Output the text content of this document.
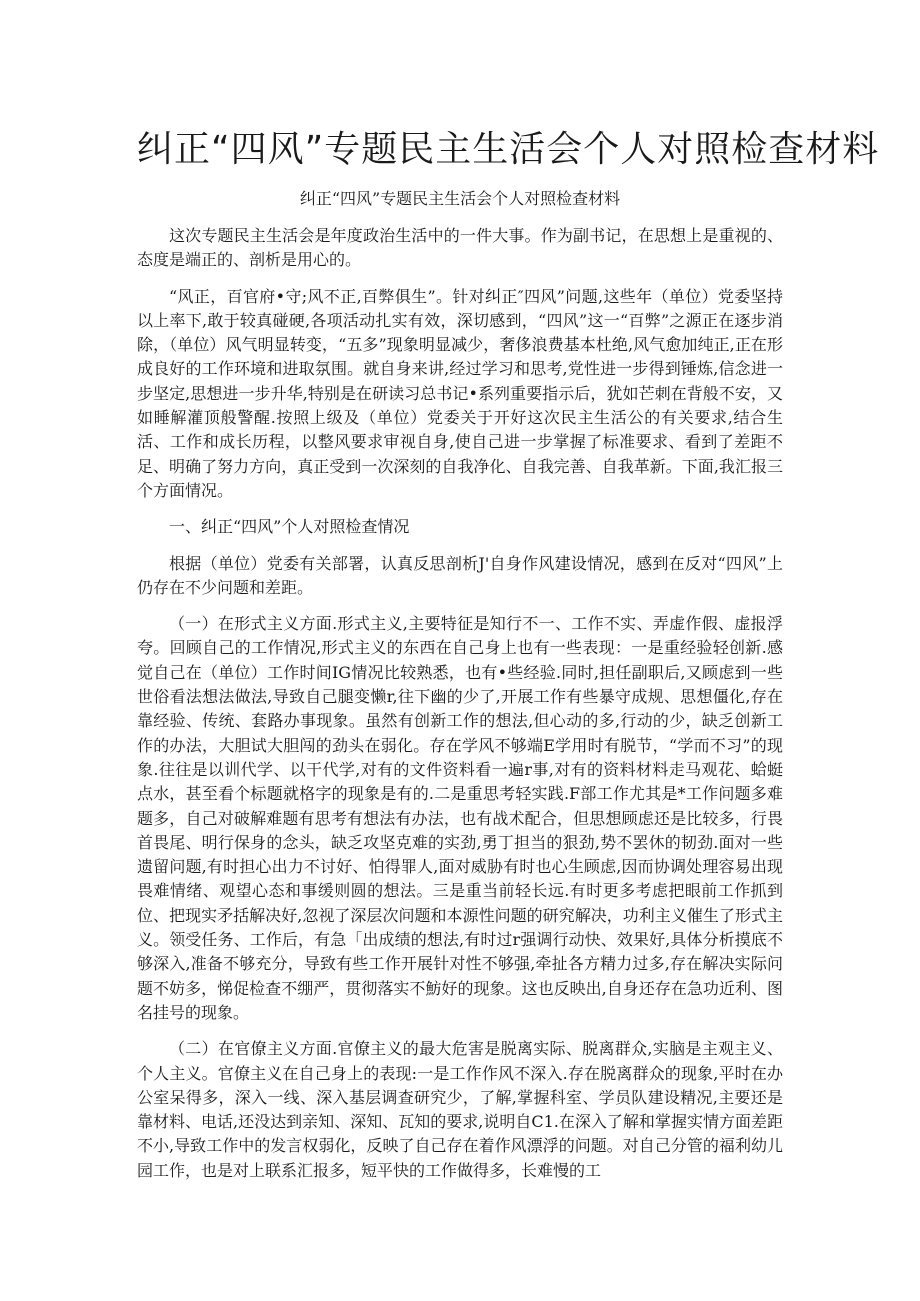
纠正“四风”专题民主生活会个人对照检查材料
纠正“四风”专题民主生活会个人对照检查材料

这次专题民主生活会是年度政治生活中的一件大事。作为副书记，在思想上是重视的、态度是端正的、剖析是用心的。

“风正，百官府•守;风不正,百弊俱生”。针对纠正″四风”问题,这些年（单位）党委坚持以上率下,敢于较真碰硬,各项活动扎实有效，深切感到，“四风”这一“百弊”之源正在逐步消除，（单位）风气明显转变，“五多”现象明显减少，奢侈浪费基本杜绝,风气愈加纯正,正在形成良好的工作环境和进取氛围。就自身来讲,经过学习和思考,党性进一步得到锤炼,信念进一步坚定,思想进一步升华,特别是在研读习总书记•系列重要指示后，犹如芒刺在背般不安，又如睡解灌顶般警醒.按照上级及（单位）党委关于开好这次民主生活公的有关要求,结合生活、工作和成长历程，以整风要求审视自身,使自己进一步掌握了标准要求、看到了差距不足、明确了努力方向，真正受到一次深刻的自我净化、自我完善、自我革新。下面,我汇报三个方面情况。

一、纠正“四风”个人对照检查情况

根据（单位）党委有关部署，认真反思剖析J'自身作风建设情况，感到在反对“四风”上仍存在不少问题和差距。

（一）在形式主义方面.形式主义,主要特征是知行不一、工作不实、弄虚作假、虚报浮夸。回顾自己的工作情况,形式主义的东西在自己身上也有一些表现：一是重经验轻创新.感觉自己在（单位）工作时间IG情况比较熟悉，也有•些经验.同时,担任副职后,又顾虑到一些世俗看法想法做法,导致自己腿变懒r,往下幽的少了,开展工作有些暴守成规、思想僵化,存在靠经验、传统、套路办事现象。虽然有创新工作的想法,但心动的多,行动的少，缺乏创新工作的办法，大胆试大胆闯的劲头在弱化。存在学风不够端E学用时有脱节，“学而不习”的现象.往往是以训代学、以干代学,对有的文件资料看一遍r事,对有的资料材料走马观花、蛤蜓点水，甚至看个标题就格字的现象是有的.二是重思考轻实践.F部工作尤其是*工作问题多难题多，自己对破解难题有思考有想法有办法，也有战术配合，但思想顾虑还是比较多，行畏首畏尾、明行保身的念头，缺乏攻坚克难的实劲,勇丁担当的狠劲,势不罢休的韧劲.面对一些遗留问题,有时担心出力不讨好、怕得罪人,面对威胁有时也心生顾虑,因而协调处理容易出现畏难情绪、观望心态和事缓则圆的想法。三是重当前轻长远.有时更多考虑把眼前工作抓到位、把现实矛括解决好,忽视了深层次问题和本源性问题的研究解决，功利主义催生了形式主义。领受任务、工作后，有急「出成绩的想法,有时过r强调行动快、效果好,具体分析摸底不够深入,准备不够充分，导致有些工作开展针对性不够强,牵扯各方精力过多,存在解决实际问题不妨多，悌促检查不绷严，贯彻落实不魴好的现象。这也反映出,自身还存在急功近利、图名挂号的现象。

（二）在官僚主义方面.官僚主义的最大危害是脱离实际、脱离群众,实脑是主观主义、个人主义。官僚主义在自己身上的表现:一是工作作风不深入.存在脱离群众的现象,平时在办公室呆得多，深入一线、深入基层调查研究少，了解,掌握科室、学员队建设精况,主要还是靠材料、电话,还没达到亲知、深知、瓦知的要求,说明自C1.在深入了解和掌握实情方面差距不小,导致工作中的发言权弱化，反映了自己存在着作风漂浮的问题。对自己分管的福利幼儿园工作，也是对上联系汇报多，短平快的工作做得多，长难慢的工
